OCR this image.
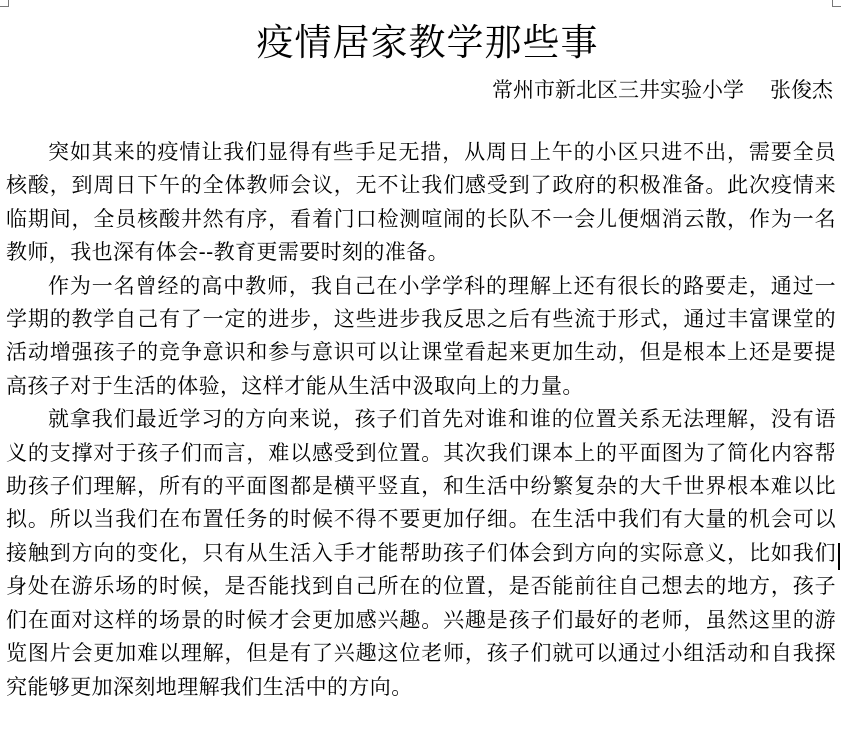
疫情居家教学那些事
常州市新北区三井实验小学 张俊杰

突如其来的疫情让我们显得有些手足无措，从周日上午的小区只进不出，需要全员核酸，到周日下午的全体教师会议，无不让我们感受到了政府的积极准备。此次疫情来临期间，全员核酸井然有序，看着门口检测喧闹的长队不一会儿便烟消云散，作为一名教师，我也深有体会--教育更需要时刻的准备。

作为一名曾经的高中教师，我自己在小学学科的理解上还有很长的路要走，通过一学期的教学自己有了一定的进步，这些进步我反思之后有些流于形式，通过丰富课堂的活动增强孩子的竞争意识和参与意识可以让课堂看起来更加生动，但是根本上还是要提高孩子对于生活的体验，这样才能从生活中汲取向上的力量。

就拿我们最近学习的方向来说，孩子们首先对谁和谁的位置关系无法理解，没有语义的支撑对于孩子们而言，难以感受到位置。其次我们课本上的平面图为了简化内容帮助孩子们理解，所有的平面图都是横平竖直，和生活中纷繁复杂的大千世界根本难以比拟。所以当我们在布置任务的时候不得不要更加仔细。在生活中我们有大量的机会可以接触到方向的变化，只有从生活入手才能帮助孩子们体会到方向的实际意义，比如我们身处在游乐场的时候，是否能找到自己所在的位置，是否能前往自己想去的地方，孩子们在面对这样的场景的时候才会更加感兴趣。兴趣是孩子们最好的老师，虽然这里的游览图片会更加难以理解，但是有了兴趣这位老师，孩子们就可以通过小组活动和自我探究能够更加深刻地理解我们生活中的方向。
